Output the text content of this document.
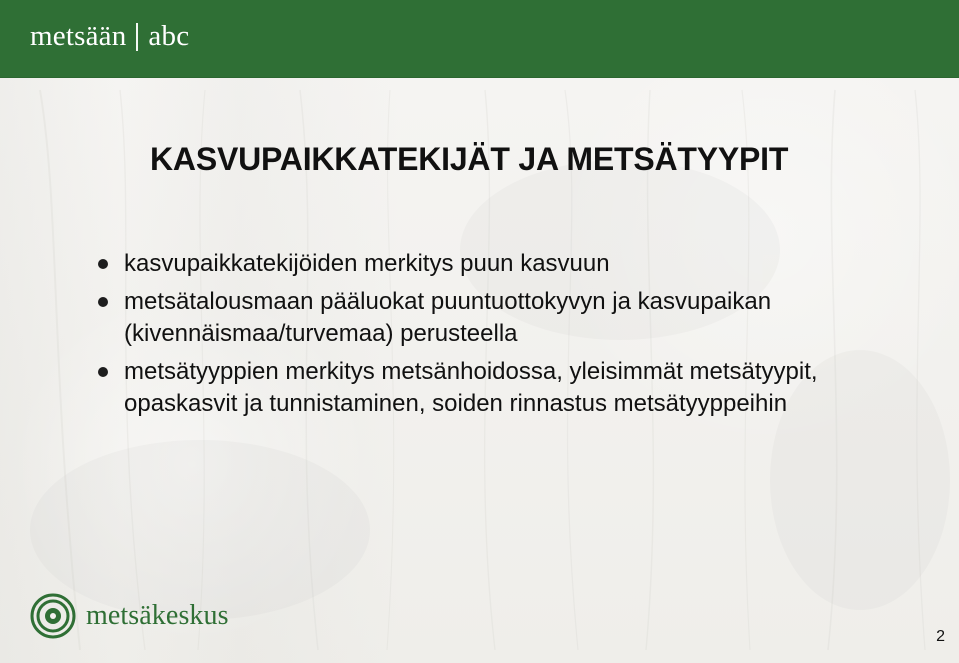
metsään abc
KASVUPAIKKATEKIJÄT JA METSÄTYYPIT
kasvupaikkatekijöiden merkitys puun kasvuun
metsätalousmaan pääluokat puuntuottokyvyn ja kasvupaikan (kivennäismaa/turvemaa) perusteella
metsätyyppien merkitys metsänhoidossa, yleisimmät metsätyypit, opaskasvit ja tunnistaminen, soiden rinnastus metsätyyppeihin
metsäkeskus
2
